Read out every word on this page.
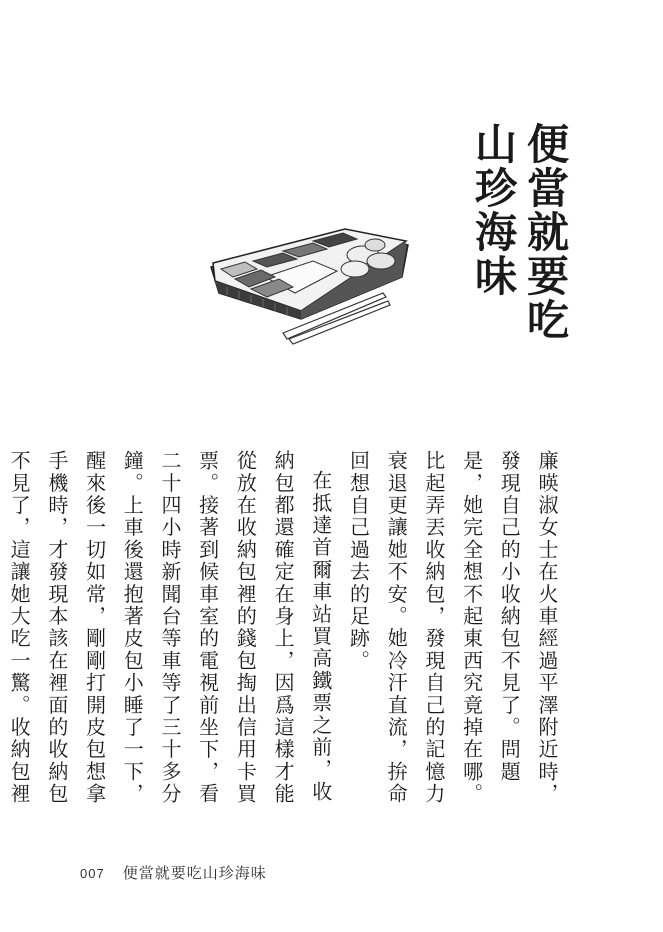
便當就要吃
山珍海味

廉暎淑女士在火車經過平澤附近時，發現自己的小收納包不見了。問題是，她完全想不起東西究竟掉在哪。比起弄丟收納包，發現自己的記憶力衰退更讓她不安。她冷汗直流，拚命回想自己過去的足跡。

在抵達首爾車站買高鐵票之前，收納包都還確定在身上，因爲這樣才能從放在收納包裡的錢包掏出信用卡買票。接著到候車室的電視前坐下，看二十四小時新聞台等車等了三十多分鐘。上車後還抱著皮包小睡了一下，醒來後一切如常，剛剛打開皮包想拿手機時，才發現本該在裡面的收納包不見了，這讓她大吃一驚。收納包裡

007 便當就要吃山珍海味
